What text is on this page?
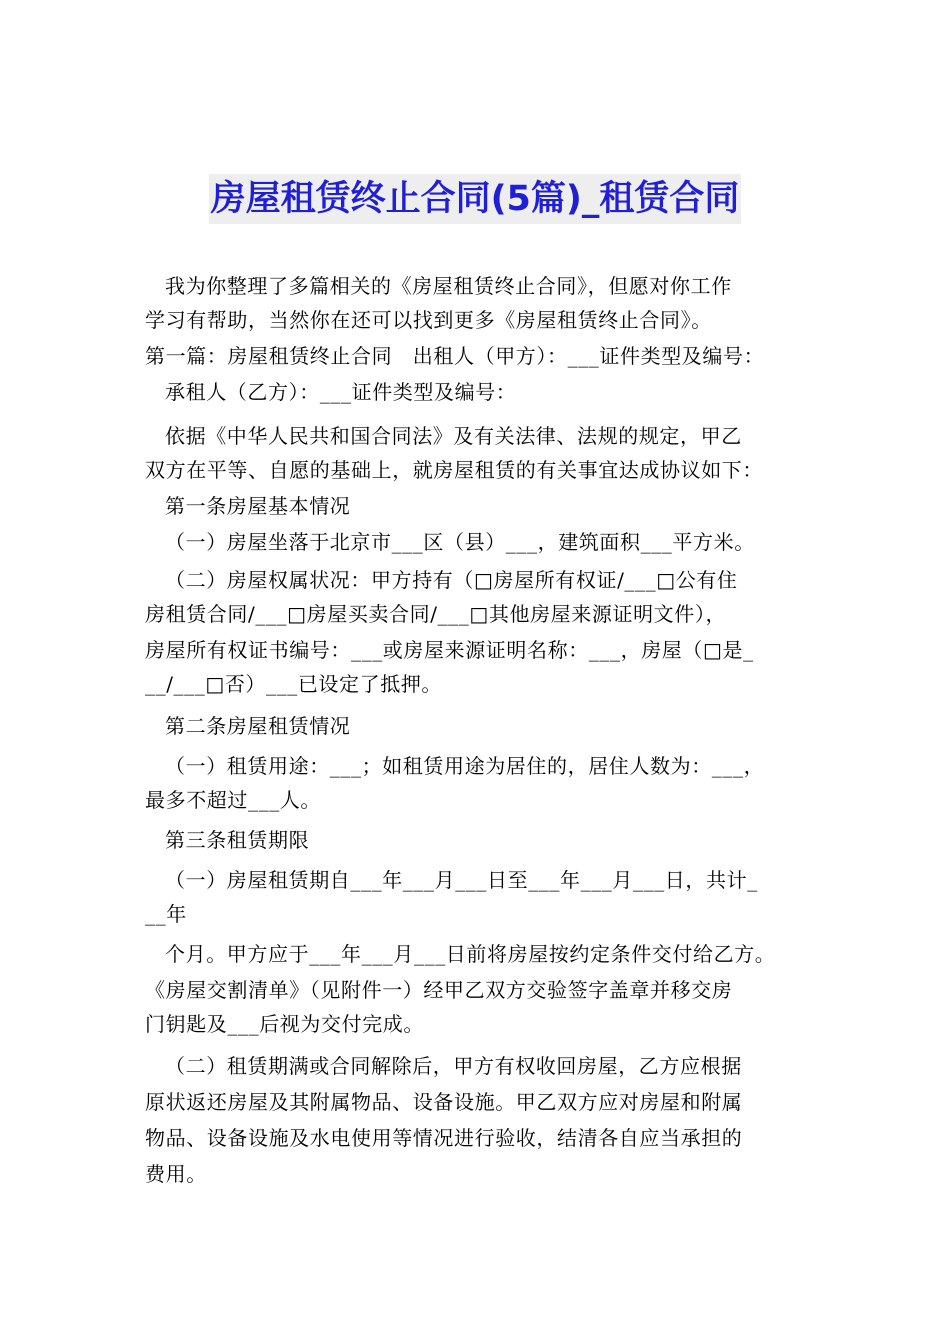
房屋租赁终止合同(5篇)_租赁合同
我为你整理了多篇相关的《房屋租赁终止合同》，但愿对你工作
学习有帮助，当然你在还可以找到更多《房屋租赁终止合同》。
第一篇：房屋租赁终止合同　出租人（甲方）：___证件类型及编号：
承租人（乙方）：___证件类型及编号：
依据《中华人民共和国合同法》及有关法律、法规的规定，甲乙
双方在平等、自愿的基础上，就房屋租赁的有关事宜达成协议如下：
第一条房屋基本情况
（一）房屋坐落于北京市___区（县）___，建筑面积___平方米。
（二）房屋权属状况：甲方持有（□房屋所有权证/___□公有住
房租赁合同/___□房屋买卖合同/___□其他房屋来源证明文件），
房屋所有权证书编号：___或房屋来源证明名称：___，房屋（□是_
__/___□否）___已设定了抵押。
第二条房屋租赁情况
（一）租赁用途：___；如租赁用途为居住的，居住人数为：___，
最多不超过___人。
第三条租赁期限
（一）房屋租赁期自___年___月___日至___年___月___日，共计_
__年
个月。甲方应于___年___月___日前将房屋按约定条件交付给乙方。
《房屋交割清单》（见附件一）经甲乙双方交验签字盖章并移交房
门钥匙及___后视为交付完成。
（二）租赁期满或合同解除后，甲方有权收回房屋，乙方应根据
原状返还房屋及其附属物品、设备设施。甲乙双方应对房屋和附属
物品、设备设施及水电使用等情况进行验收，结清各自应当承担的
费用。
